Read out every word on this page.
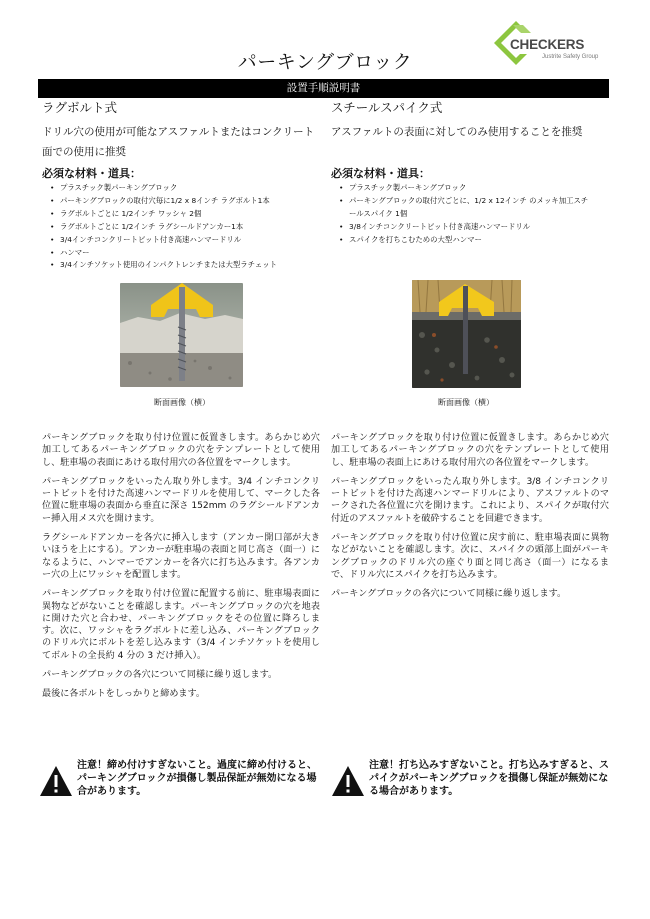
パーキングブロック
CHECKERS
Justrite Safety Group
設置手順説明書
ラグボルト式
ドリル穴の使用が可能なアスファルトまたはコンクリート
面での使用に推奨
必須な材料・道具：
• プラスチック製パーキングブロック
• パーキングブロックの取付穴毎に1/2 x 8インチ ラグボルト1本
• ラグボルトごとに 1/2インチ ワッシャ 2個
• ラグボルトごとに 1/2インチ ラグシールドアンカー1本
• 3/4インチコンクリートビット付き高速ハンマードリル
• ハンマー
• 3/4インチソケット使用のインパクトレンチまたは大型ラチェット
スチールスパイク式
アスファルトの表面に対してのみ使用することを推奨
必須な材料・道具：
• プラスチック製パーキングブロック
• パーキングブロックの取付穴ごとに、1/2 x 12インチ のメッキ加工スチールスパイク 1個
• 3/8インチコンクリートビット付き高速ハンマードリル
• スパイクを打ちこむための大型ハンマー
断面画像（横）	断面画像（横）

パーキングブロックを取り付け位置に仮置きします。あらかじめ穴加工してあるパーキングブロックの穴をテンプレートとして使用し、駐車場の表面にあける取付用穴の各位置をマークします。

パーキングブロックをいったん取り外します。3/4 インチコンクリートビットを付けた高速ハンマードリルを使用して、マークした各位置に駐車場の表面から垂直に深さ 152mm のラグシールドアンカー挿入用メス穴を開けます。

ラグシールドアンカーを各穴に挿入します（アンカー開口部が大きいほうを上にする）。アンカーが駐車場の表面と同じ高さ（面一）になるように、ハンマーでアンカーを各穴に打ち込みます。各アンカー穴の上にワッシャを配置します。

パーキングブロックを取り付け位置に配置する前に、駐車場表面に異物などがないことを確認します。パーキングブロックの穴を地表に開けた穴と合わせ、パーキングブロックをその位置に降ろします。次に、ワッシャをラグボルトに差し込み、パーキングブロックのドリル穴にボルトを差し込みます（3/4 インチソケットを使用してボルトの全長約 4 分の 3 だけ挿入）。

パーキングブロックの各穴について同様に繰り返します。

最後に各ボルトをしっかりと締めます。

パーキングブロックを取り付け位置に仮置きします。あらかじめ穴加工してあるパーキングブロックの穴をテンプレートとして使用し、駐車場の表面上にあける取付用穴の各位置をマークします。

パーキングブロックをいったん取り外します。3/8 インチコンクリートビットを付けた高速ハンマードリルにより、アスファルトのマークされた各位置に穴を開けます。これにより、スパイクが取付穴付近のアスファルトを破砕することを回避できます。

パーキングブロックを取り付け位置に戻す前に、駐車場表面に異物などがないことを確認します。次に、スパイクの頭部上面がパーキングブロックのドリル穴の座ぐり面と同じ高さ（面一）になるまで、ドリル穴にスパイクを打ち込みます。

パーキングブロックの各穴について同様に繰り返します。

注意！締め付けすぎないこと。過度に締め付けると、パーキングブロックが損傷し製品保証が無効になる場合があります。
注意！打ち込みすぎないこと。打ち込みすぎると、スパイクがパーキングブロックを損傷し保証が無効になる場合があります。
